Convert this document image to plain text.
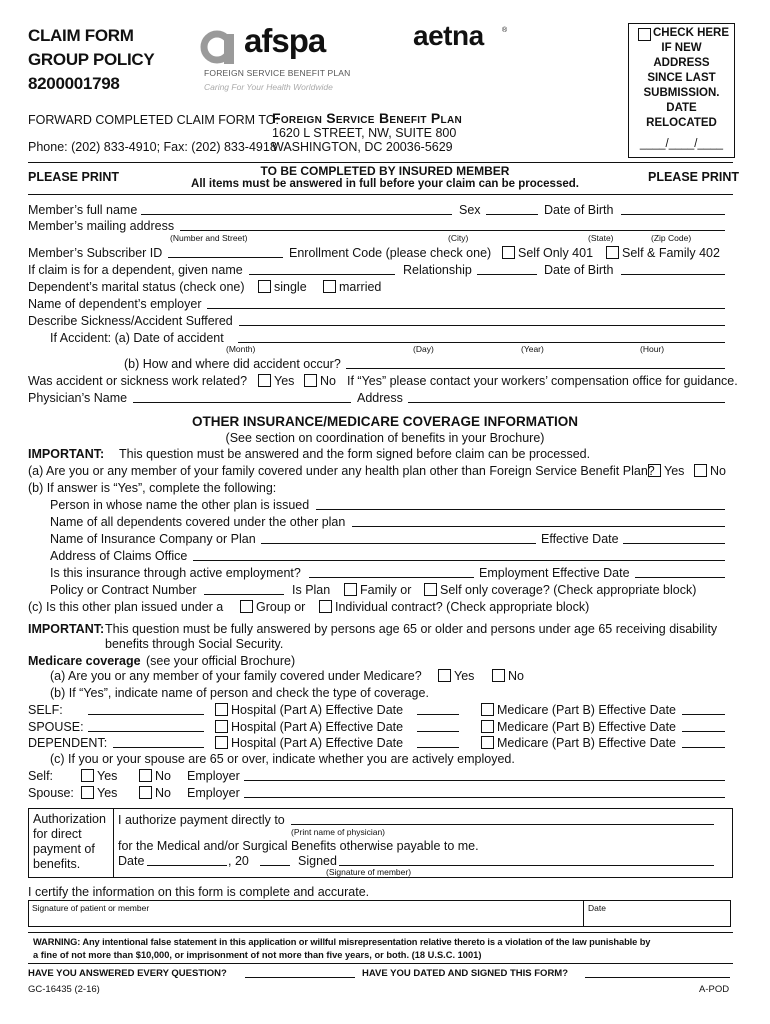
CLAIM FORM
GROUP POLICY
8200001798
afspa
FOREIGN SERVICE BENEFIT PLAN
Caring For Your Health Worldwide
aetna	®
FORWARD COMPLETED CLAIM FORM TO:
Foreign Service Benefit Plan
1620 L STREET, NW, SUITE 800
WASHINGTON, DC 20036-5629
Phone: (202) 833-4910; Fax: (202) 833-4918
CHECK HERE
IF NEW
ADDRESS
SINCE LAST
SUBMISSION.
DATE
RELOCATED
____/____/____
PLEASE PRINT	PLEASE PRINT
TO BE COMPLETED BY INSURED MEMBER
All items must be answered in full before your claim can be processed.
Member’s full name	Sex	Date of Birth
Member’s mailing address
(Number and Street)	(City)	(State)	(Zip Code)
Member’s Subscriber ID	Enrollment Code (please check one) Self Only 401 Self & Family 402
If claim is for a dependent, given name	Relationship	Date of Birth
Dependent’s marital status (check one) single	married
Name of dependent’s employer
Describe Sickness/Accident Suffered
If Accident: (a) Date of accident
(Month)	(Day)	(Year)	(Hour)
(b) How and where did accident occur?
Was accident or sickness work related? Yes No If “Yes” please contact your workers’ compensation office for guidance.
Physician’s Name	Address
OTHER INSURANCE/MEDICARE COVERAGE INFORMATION
(See section on coordination of benefits in your Brochure)
IMPORTANT: This question must be answered and the form signed before claim can be processed.
(a) Are you or any member of your family covered under any health plan other than Foreign Service Benefit Plan? Yes No
(b) If answer is “Yes”, complete the following:
Person in whose name the other plan is issued
Name of all dependents covered under the other plan
Name of Insurance Company or Plan	Effective Date
Address of Claims Office
Is this insurance through active employment?	Employment Effective Date
Policy or Contract Number	Is Plan Family or Self only coverage? (Check appropriate block)
(c) Is this other plan issued under a	Group or Individual contract? (Check appropriate block)
IMPORTANT: This question must be fully answered by persons age 65 or older and persons under age 65 receiving disability
benefits through Social Security.
Medicare coverage (see your official Brochure)
(a) Are you or any member of your family covered under Medicare?	Yes	No
(b) If “Yes”, indicate name of person and check the type of coverage.
SELF:	Hospital (Part A) Effective Date	Medicare (Part B) Effective Date
SPOUSE:	Hospital (Part A) Effective Date	Medicare (Part B) Effective Date
DEPENDENT:	Hospital (Part A) Effective Date	Medicare (Part B) Effective Date
(c) If you or your spouse are 65 or over, indicate whether you are actively employed.
Self:	Yes	No Employer
Spouse: Yes	No Employer
Authorization
for direct
payment of
benefits.
I authorize payment directly to
(Print name of physician)
for the Medical and/or Surgical Benefits otherwise payable to me.
Date	, 20	Signed
(Signature of member)
I certify the information on this form is complete and accurate.
Signature of patient or member	Date
WARNING: Any intentional false statement in this application or willful misrepresentation relative thereto is a violation of the law punishable by
a fine of not more than $10,000, or imprisonment of not more than five years, or both. (18 U.S.C. 1001)
HAVE YOU ANSWERED EVERY QUESTION?	HAVE YOU DATED AND SIGNED THIS FORM?
GC-16435 (2-16)	A-POD
